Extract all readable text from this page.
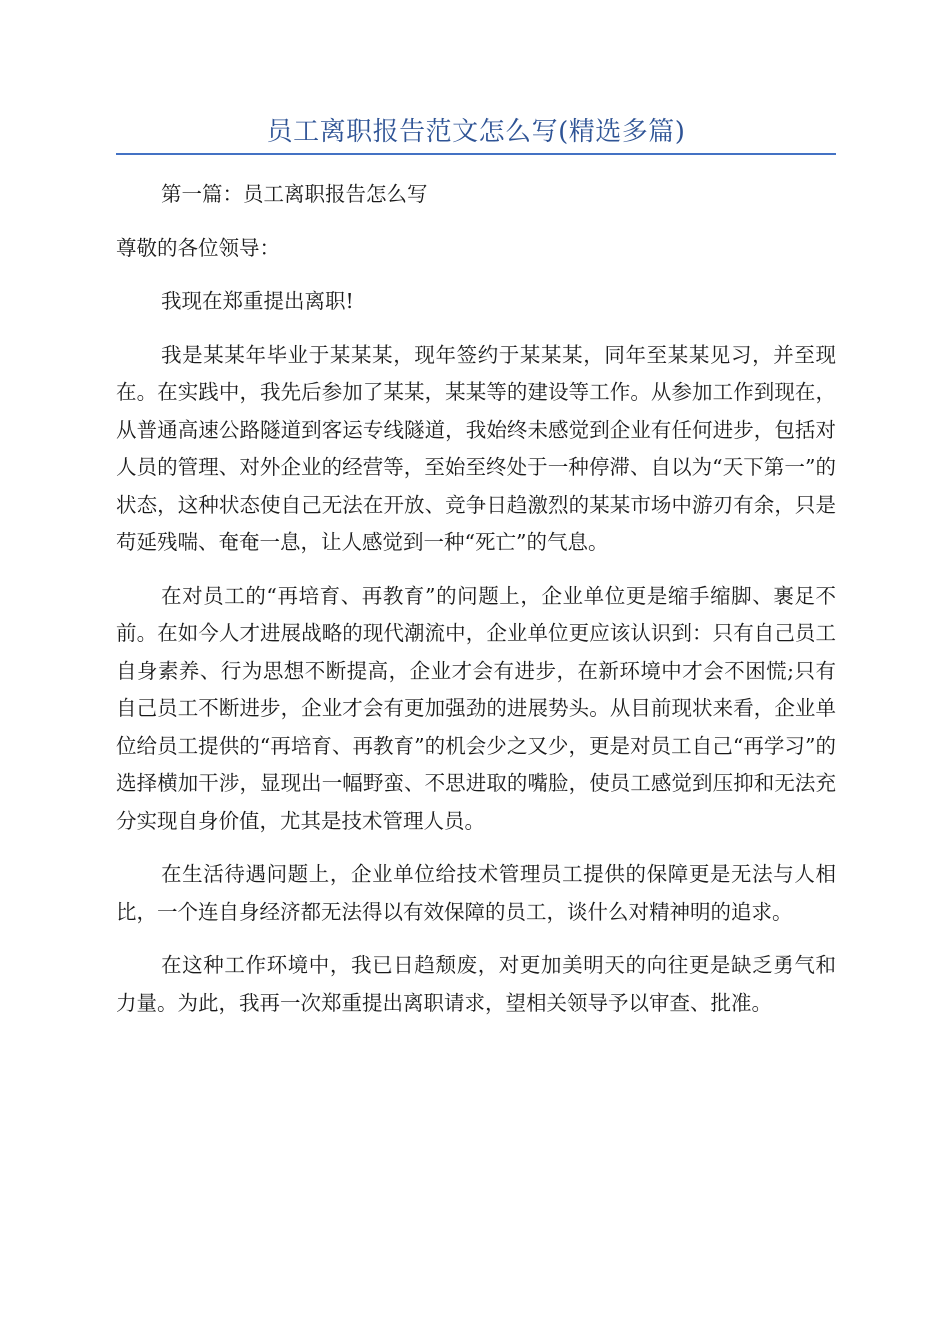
员工离职报告范文怎么写(精选多篇)

第一篇：员工离职报告怎么写

尊敬的各位领导：

我现在郑重提出离职!

我是某某年毕业于某某某，现年签约于某某某，同年至某某见习，并至现在。在实践中，我先后参加了某某，某某等的建设等工作。从参加工作到现在，从普通高速公路隧道到客运专线隧道，我始终未感觉到企业有任何进步，包括对人员的管理、对外企业的经营等，至始至终处于一种停滞、自以为“天下第一”的状态，这种状态使自己无法在开放、竞争日趋激烈的某某市场中游刃有余，只是苟延残喘、奄奄一息，让人感觉到一种“死亡”的气息。

在对员工的“再培育、再教育”的问题上，企业单位更是缩手缩脚、裹足不前。在如今人才进展战略的现代潮流中，企业单位更应该认识到：只有自己员工自身素养、行为思想不断提高，企业才会有进步，在新环境中才会不困慌;只有自己员工不断进步，企业才会有更加强劲的进展势头。从目前现状来看，企业单位给员工提供的“再培育、再教育”的机会少之又少，更是对员工自己“再学习”的选择横加干涉，显现出一幅野蛮、不思进取的嘴脸，使员工感觉到压抑和无法充分实现自身价值，尤其是技术管理人员。

在生活待遇问题上，企业单位给技术管理员工提供的保障更是无法与人相比，一个连自身经济都无法得以有效保障的员工，谈什么对精神明的追求。

在这种工作环境中，我已日趋颓废，对更加美明天的向往更是缺乏勇气和力量。为此，我再一次郑重提出离职请求，望相关领导予以审查、批准。
